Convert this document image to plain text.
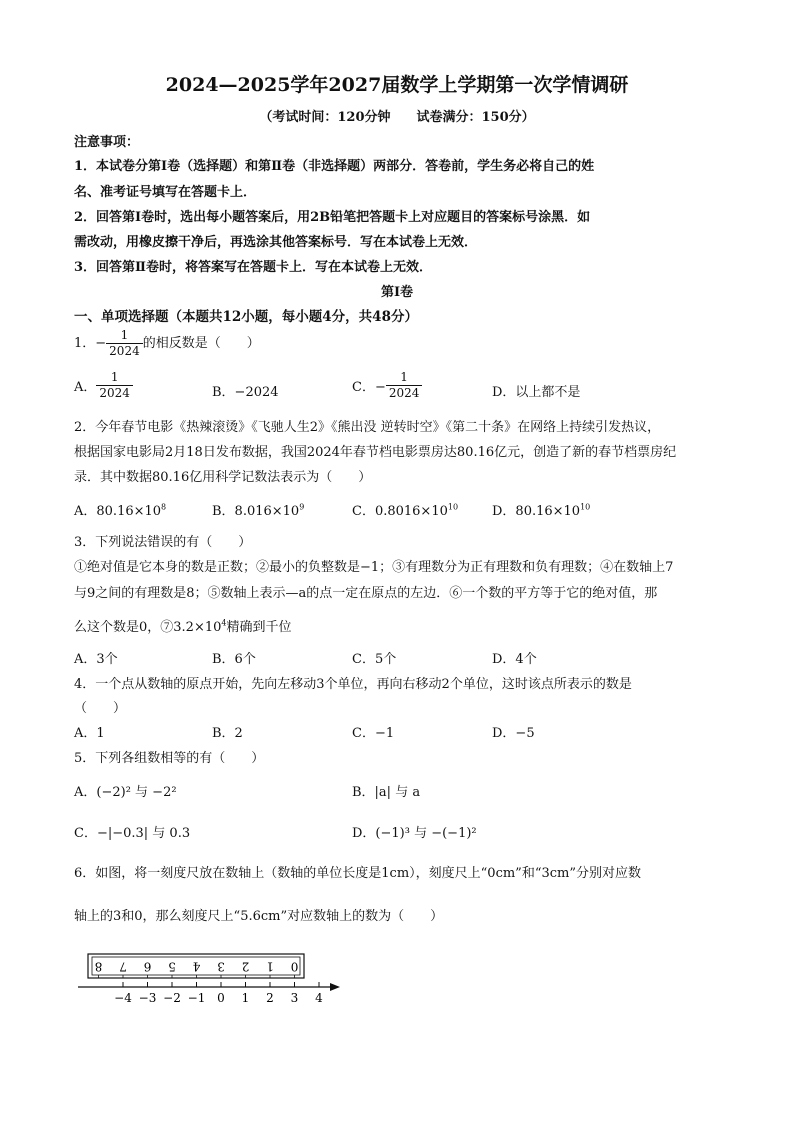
2024—2025学年2027届数学上学期第一次学情调研
（考试时间：120分钟　　试卷满分：150分）
注意事项：
1．本试卷分第Ⅰ卷（选择题）和第Ⅱ卷（非选择题）两部分．答卷前，学生务必将自己的姓
名、准考证号填写在答题卡上．
2．回答第Ⅰ卷时，选出每小题答案后，用2B铅笔把答题卡上对应题目的答案标号涂黑．如
需改动，用橡皮擦干净后，再选涂其他答案标号．写在本试卷上无效．
3．回答第Ⅱ卷时，将答案写在答题卡上．写在本试卷上无效．
第Ⅰ卷
一、单项选择题（本题共12小题，每小题4分，共48分）
1．− $\frac{1}{2024}$ 的相反数是（　　）
A． $\frac{1}{2024}$	B．−2024	C．− $\frac{1}{2024}$	D．以上都不是
2．今年春节电影《热辣滚烫》《飞驰人生2》《熊出没 逆转时空》《第二十条》在网络上持续引发热议，
根据国家电影局2月18日发布数据，我国2024年春节档电影票房达80.16亿元，创造了新的春节档票房纪
录．其中数据80.16亿用科学记数法表示为（　　）
A．$80.16\times 10^8$	B．$8.016\times 10^9$	C．$0.8016\times 10^{10}$	D．$80.16\times 10^{10}$
3．下列说法错误的有（　　）
①绝对值是它本身的数是正数；②最小的负整数是−1；③有理数分为正有理数和负有理数；④在数轴上7
与9之间的有理数是8；⑤数轴上表示—a的点一定在原点的左边．⑥一个数的平方等于它的绝对值，那
么这个数是0，$⑦3.2\times 10^4$精确到千位
A．3个	B．6个	C．5个	D．4个
4．一个点从数轴的原点开始，先向左移动3个单位，再向右移动2个单位，这时该点所表示的数是
（　　）
A．1	B．2	C．−1	D．−5
5．下列各组数相等的有（　　）
A．(−2)² 与 −2²	B．|a| 与 a
C．−|−0.3| 与 0.3	D．(−1)³ 与 −(−1)²
6．如图，将一刻度尺放在数轴上（数轴的单位长度是1cm），刻度尺上“0cm”和“3cm”分别对应数
轴上的3和0，那么刻度尺上“5.6cm”对应数轴上的数为（　　）
8 7 6 5 4 3 2 1 0
−4 −3 −2 −1 0 1 2 3 4
